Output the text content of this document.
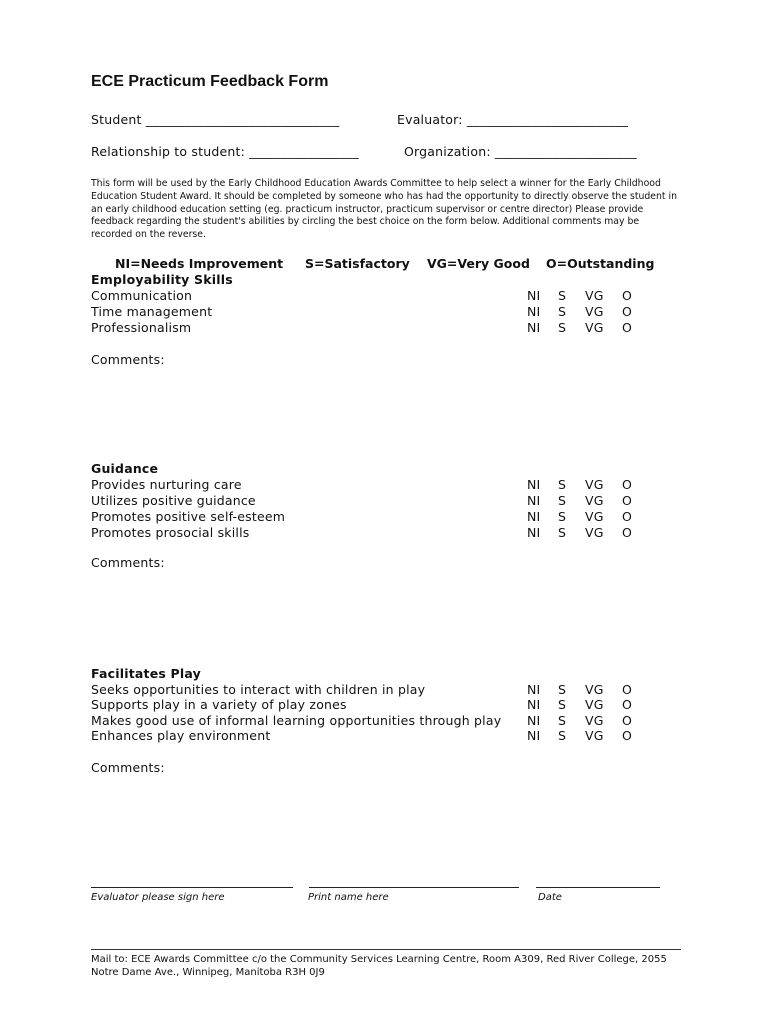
ECE Practicum Feedback Form
Student ______________________________	Evaluator: _________________________
Relationship to student: _________________	Organization: ______________________
This form will be used by the Early Childhood Education Awards Committee to help select a winner for the Early Childhood Education Student Award. It should be completed by someone who has had the opportunity to directly observe the student in an early childhood education setting (eg. practicum instructor, practicum supervisor or centre director) Please provide feedback regarding the student's abilities by circling the best choice on the form below. Additional comments may be recorded on the reverse.
NI=Needs Improvement S=Satisfactory VG=Very Good O=Outstanding
Employability Skills
Communication	NI S VG O
Time management	NI S VG O
Professionalism	NI S VG O
Comments:
Guidance
Provides nurturing care	NI S VG O
Utilizes positive guidance	NI S VG O
Promotes positive self-esteem	NI S VG O
Promotes prosocial skills	NI S VG O
Comments:
Facilitates Play
Seeks opportunities to interact with children in play	NI S VG O
Supports play in a variety of play zones	NI S VG O
Makes good use of informal learning opportunities through play NI S VG O
Enhances play environment	NI S VG O
Comments:
Evaluator please sign here	Print name here	Date
Mail to: ECE Awards Committee c/o the Community Services Learning Centre, Room A309, Red River College, 2055 Notre Dame Ave., Winnipeg, Manitoba R3H 0J9
